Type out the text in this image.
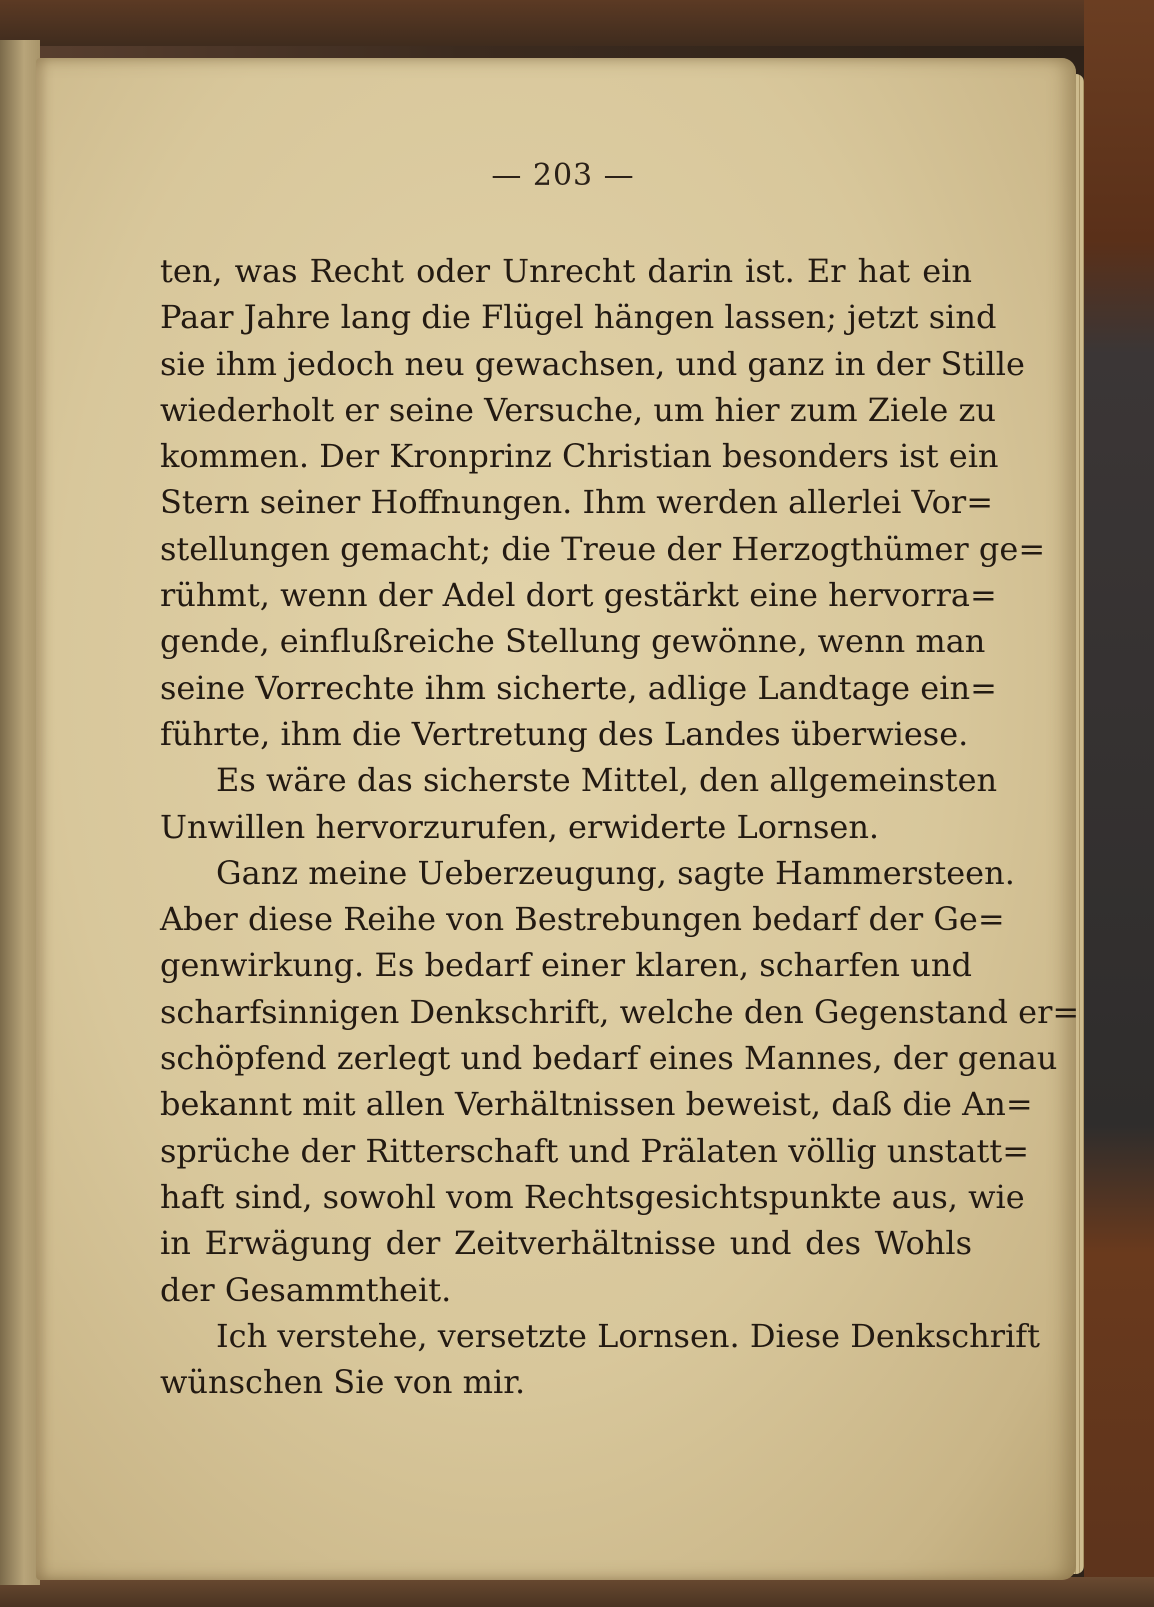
— 203 —
ten, was Recht oder Unrecht darin ist. Er hat ein
Paar Jahre lang die Flügel hängen lassen; jetzt sind
sie ihm jedoch neu gewachsen, und ganz in der Stille
wiederholt er seine Versuche, um hier zum Ziele zu
kommen. Der Kronprinz Christian besonders ist ein
Stern seiner Hoffnungen. Ihm werden allerlei Vor=
stellungen gemacht; die Treue der Herzogthümer ge=
rühmt, wenn der Adel dort gestärkt eine hervorra=
gende, einflußreiche Stellung gewönne, wenn man
seine Vorrechte ihm sicherte, adlige Landtage ein=
führte, ihm die Vertretung des Landes überwiese.
Es wäre das sicherste Mittel, den allgemeinsten
Unwillen hervorzurufen, erwiderte Lornsen.
Ganz meine Ueberzeugung, sagte Hammersteen.
Aber diese Reihe von Bestrebungen bedarf der Ge=
genwirkung. Es bedarf einer klaren, scharfen und
scharfsinnigen Denkschrift, welche den Gegenstand er=
schöpfend zerlegt und bedarf eines Mannes, der genau
bekannt mit allen Verhältnissen beweist, daß die An=
sprüche der Ritterschaft und Prälaten völlig unstatt=
haft sind, sowohl vom Rechtsgesichtspunkte aus, wie
in Erwägung der Zeitverhältnisse und des Wohls
der Gesammtheit.
Ich verstehe, versetzte Lornsen. Diese Denkschrift
wünschen Sie von mir.
